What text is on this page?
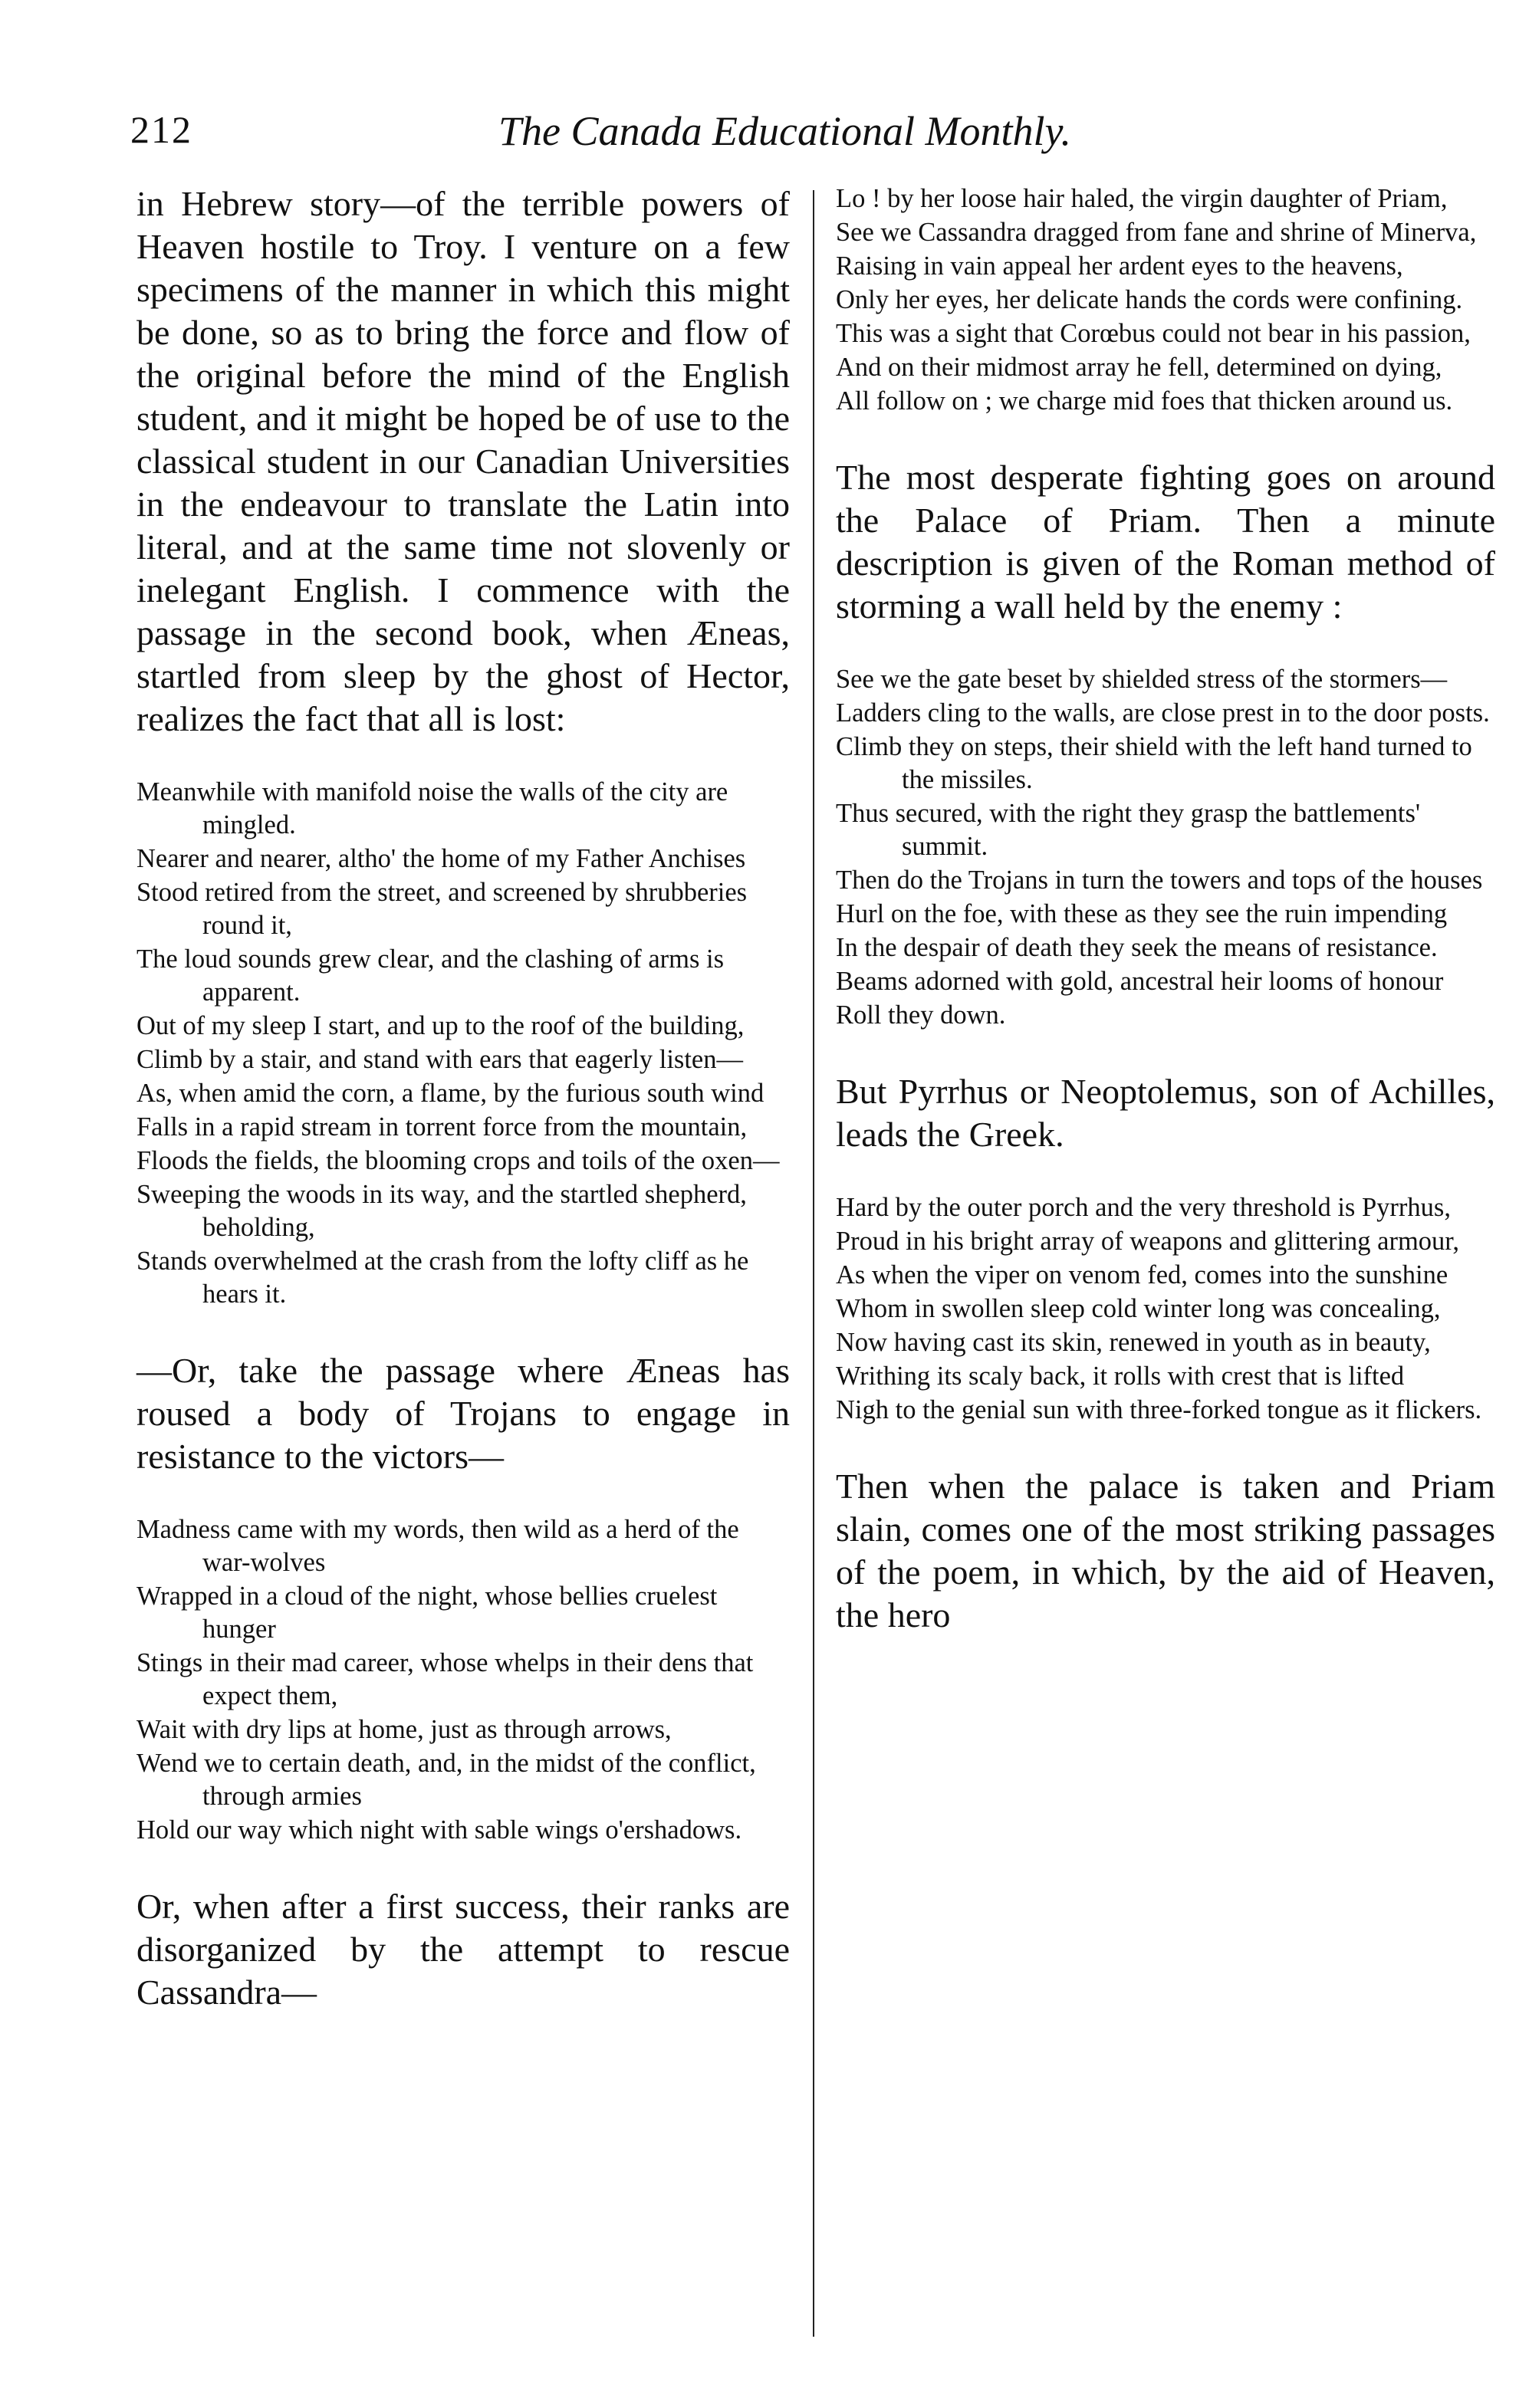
212	The Canada Educational Monthly.

in Hebrew story—of the terrible powers of Heaven hostile to Troy. I venture on a few specimens of the manner in which this might be done, so as to bring the force and flow of the original before the mind of the English student, and it might be hoped be of use to the classical student in our Canadian Universities in the endeavour to translate the Latin into literal, and at the same time not slovenly or inelegant English. I commence with the passage in the second book, when Æneas, startled from sleep by the ghost of Hector, realizes the fact that all is lost:

Meanwhile with manifold noise the walls of the city are mingled.

Nearer and nearer, altho' the home of my Father Anchises

Stood retired from the street, and screened by shrubberies round it,

The loud sounds grew clear, and the clashing of arms is apparent.

Out of my sleep I start, and up to the roof of the building,

Climb by a stair, and stand with ears that eagerly listen—

As, when amid the corn, a flame, by the furious south wind

Falls in a rapid stream in torrent force from the mountain,

Floods the fields, the blooming crops and toils of the oxen—

Sweeping the woods in its way, and the startled shepherd, beholding,

Stands overwhelmed at the crash from the lofty cliff as he hears it.

—Or, take the passage where Æneas has roused a body of Trojans to engage in resistance to the victors—

Madness came with my words, then wild as a herd of the war-wolves

Wrapped in a cloud of the night, whose bellies cruelest hunger

Stings in their mad career, whose whelps in their dens that expect them,

Wait with dry lips at home, just as through arrows,

Wend we to certain death, and, in the midst of the conflict, through armies

Hold our way which night with sable wings o'ershadows.

Or, when after a first success, their ranks are disorganized by the attempt to rescue Cassandra—

Lo ! by her loose hair haled, the virgin daughter of Priam,

See we Cassandra dragged from fane and shrine of Minerva,

Raising in vain appeal her ardent eyes to the heavens,

Only her eyes, her delicate hands the cords were confining.

This was a sight that Corœbus could not bear in his passion,

And on their midmost array he fell, determined on dying,

All follow on ; we charge mid foes that thicken around us.

The most desperate fighting goes on around the Palace of Priam. Then a minute description is given of the Roman method of storming a wall held by the enemy :

See we the gate beset by shielded stress of the stormers—

Ladders cling to the walls, are close prest in to the door posts.

Climb they on steps, their shield with the left hand turned to the missiles.

Thus secured, with the right they grasp the battlements' summit.

Then do the Trojans in turn the towers and tops of the houses

Hurl on the foe, with these as they see the ruin impending

In the despair of death they seek the means of resistance.

Beams adorned with gold, ancestral heir looms of honour

Roll they down.

But Pyrrhus or Neoptolemus, son of Achilles, leads the Greek.

Hard by the outer porch and the very threshold is Pyrrhus,

Proud in his bright array of weapons and glittering armour,

As when the viper on venom fed, comes into the sunshine

Whom in swollen sleep cold winter long was concealing,

Now having cast its skin, renewed in youth as in beauty,

Writhing its scaly back, it rolls with crest that is lifted

Nigh to the genial sun with three-forked tongue as it flickers.

Then when the palace is taken and Priam slain, comes one of the most striking passages of the poem, in which, by the aid of Heaven, the hero
